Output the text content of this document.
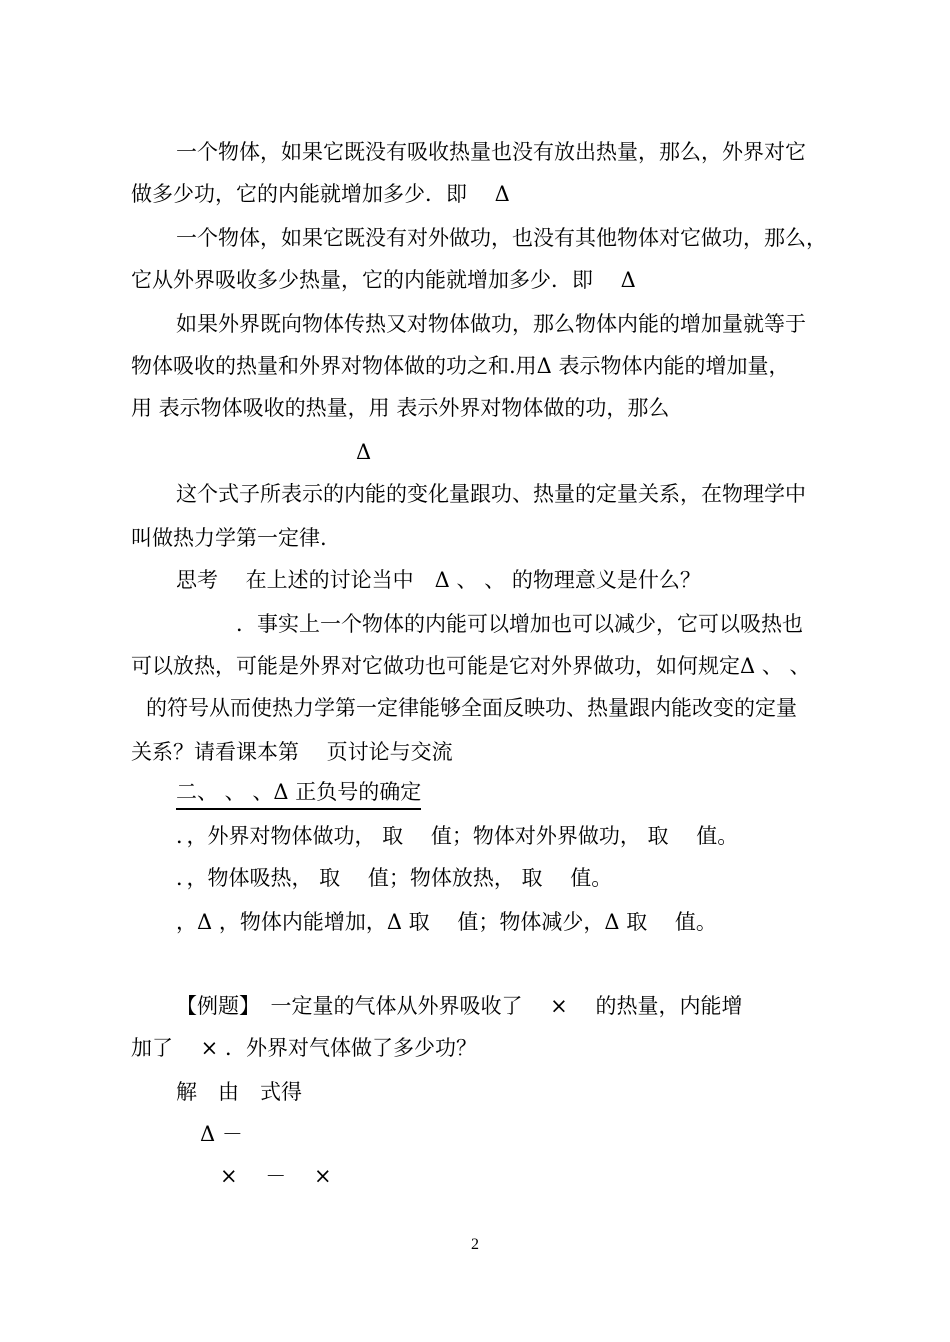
一个物体，如果它既没有吸收热量也没有放出热量，那么，外界对它
做多少功，它的内能就增加多少．即　 Δ
一个物体，如果它既没有对外做功，也没有其他物体对它做功，那么，
它从外界吸收多少热量，它的内能就增加多少．即 　Δ
如果外界既向物体传热又对物体做功，那么物体内能的增加量就等于
物体吸收的热量和外界对物体做的功之和.用Δ 表示物体内能的增加量，
用 表示物体吸收的热量，用 表示外界对物体做的功，那么
Δ
这个式子所表示的内能的变化量跟功、热量的定量关系，在物理学中
叫做热力学第一定律.
思考　 在上述的讨论当中　Δ 、 、 的物理意义是什么？
．事实上一个物体的内能可以增加也可以减少，它可以吸热也
可以放热，可能是外界对它做功也可能是它对外界做功，如何规定Δ 、 、
的符号从而使热力学第一定律能够全面反映功、热量跟内能改变的定量
关系？请看课本第　 页讨论与交流
二、 、 、Δ 正负号的确定
．，外界对物体做功， 取　 值；物体对外界做功， 取　 值。
．，物体吸热， 取　 值；物体放热， 取　 值。
，Δ ，物体内能增加，Δ 取　 值；物体减少，Δ 取　 值。
【例题】　一定量的气体从外界吸收了　 ×　 的热量，内能增
加了　 × ．外界对气体做了多少功？
解　由　式得
Δ －
×　 －　 ×
2
